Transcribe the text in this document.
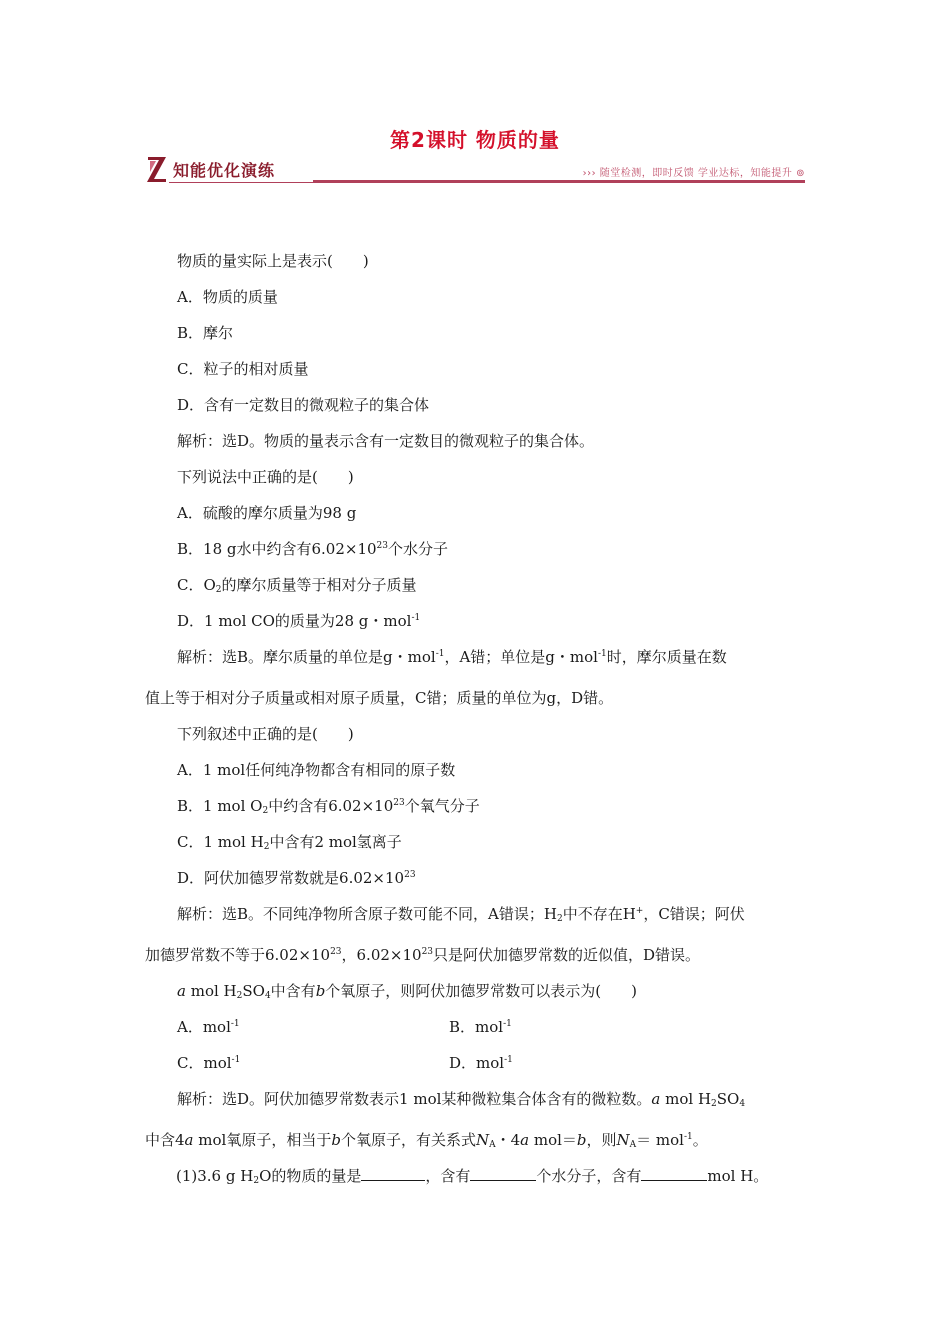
第2课时 物质的量
知能优化演练	››› 随堂检测，即时反馈 学业达标，知能提升 ⊚
物质的量实际上是表示(　　)
A．物质的质量
B．摩尔
C．粒子的相对质量
D．含有一定数目的微观粒子的集合体
解析：选D。物质的量表示含有一定数目的微观粒子的集合体。
下列说法中正确的是(　　)
A．硫酸的摩尔质量为98 g
B．18 g水中约含有$6.02\times 10^{23}$个水分子
C．$O_2$的摩尔质量等于相对分子质量
D．1 mol CO的质量为28 g・mol$^{-1}$
解析：选B。摩尔质量的单位是g・mol$^{-1}$，A错；单位是g・mol$^{-1}$时，摩尔质量在数
值上等于相对分子质量或相对原子质量，C错；质量的单位为g，D错。
下列叙述中正确的是(　　)
A．1 mol任何纯净物都含有相同的原子数
B．1 mol $O_2$中约含有$6.02\times 10^{23}$个氧气分子
C．1 mol $H_2$中含有2 mol氢离子
D．阿伏加德罗常数就是$6.02\times 10^{23}$
解析：选B。不同纯净物所含原子数可能不同，A错误；$H_2$中不存在H+，C错误；阿伏
加德罗常数不等于$6.02\times 10^{23}$，$6.02\times 10^{23}$只是阿伏加德罗常数的近似值，D错误。
a mol $H_2SO_4$中含有b个氧原子，则阿伏加德罗常数可以表示为(　　)
A．mol$^{-1}$	B．mol$^{-1}$
C．mol$^{-1}$	D．mol$^{-1}$
解析：选D。阿伏加德罗常数表示1 mol某种微粒集合体含有的微粒数。a mol $H_2SO_4$
中含4a mol氧原子，相当于b个氧原子，有关系式$N_A$・4a mol＝b，则$N_A= mol^{-1}$。
(1)3.6 g $H_2O$的物质的量是	，含有	个水分子，含有	mol H。
